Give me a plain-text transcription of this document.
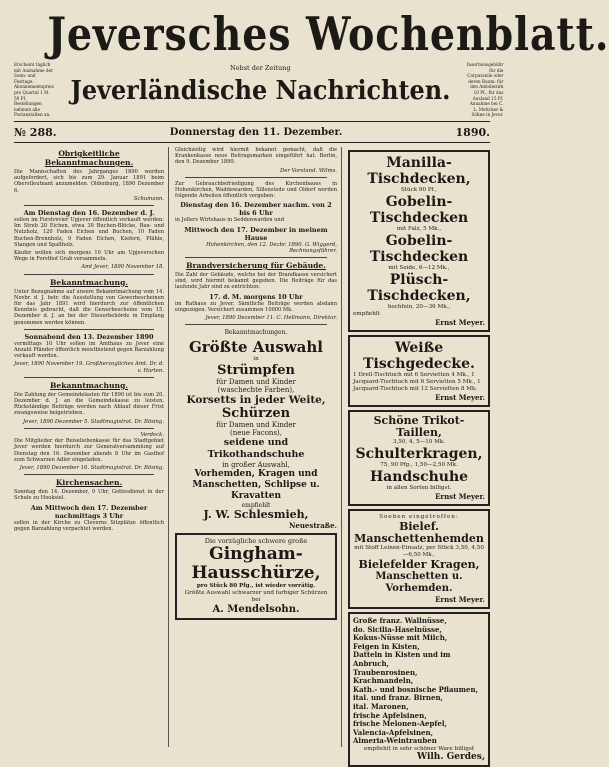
Jeversches Wochenblatt.
Erscheint täglich mit Ausnahme der Sonn- und Festtage. Abonnementspreis pro Quartal 1 M. 50 Pf. Bestellungen nehmen alle Postanstalten an.
Nebst der Zeitung
Jeverländische Nachrichten.
Insertionsgebühr für die Corpuszeile oder deren Raum: für den Amtsbezirk 10 Pf., für das Ausland 15 Pf. Annahme bei C. L. Mettcker & Söhne in Jever.
№ 288.	Donnerstag den 11. Dezember.	1890.
Obrigkeitliche Bekanntmachungen.
Die Mannschaften des Jahrganges 1890 werden aufgefordert, sich bis zum 29. Januar 1891 beim Oberstleutnant anzumelden. Oldenburg, 1890 Dezember 6.
Schumann.
Am Dienstag den 16. Dezember d. J.
sollen im Forstrevier Upjever öffentlich verkauft werden: Im Streb 20 Eichen, etwa 30 Buchen-Blöcke, Bau- und Nutzholz, 120 Faden Eichen und Buchen, 10 Faden Buchen-Brennholz, 9 Faden Eichen, Kiefern, Pfähle, Stangen und Spaltholz.
Käufer wollen sich morgens 10 Uhr am Upjeverschen Wege in Forsthof Grab versammeln.
Amt Jever, 1890 November 18.
Bekanntmachung.
Unter Bezugnahme auf unsere Bekanntmachung vom 14. Novbr. d. J. betr. die Ausstellung von Gewerbescheinen für das Jahr 1891 wird hierdurch zur öffentlichen Kenntnis gebracht, daß die Gewerbescheine vom 15. Dezember d. J. an bei der Steuerbehörde in Empfang genommen werden können.
Sonnabend den 13. Dezember 1890
vormittags 10 Uhr sollen im Amthaus zu Jever eine Anzahl Pfänder öffentlich meistbietend gegen Barzahlung verkauft werden.
Jever, 1890 November 19. Großherzogliches Amt. Dr. d. v. Harten.
Bekanntmachung.
Die Zahlung der Gemeindelasten für 1890 ist bis zum 20. Dezember d. J. an die Gemeindekasse zu leisten. Rückständige Beiträge werden nach Ablauf dieser Frist zwangsweise beigetrieben.
Jever, 1890 Dezember 5. Stadtmagistrat. Dr. Bösing.
Verdeck.
Die Mitglieder der Reiseliebenkasse für das Stadtgebiet Jever werden hierdurch zur Generalversammlung auf Dienstag den 16. Dezember abends 8 Uhr im Gasthof zum Schwarzen Adler eingeladen.
Jever, 1890 Dezember 16. Stadtmagistrat. Dr. Bösing.
Kirchensachen.
Sonntag den 14. Dezember, 9 Uhr, Gottesdienst in der Schule zu Hooksiel.
Am Mittwoch den 17. Dezember nachmittags 3 Uhr
sollen in der Kirche zu Cleverns Sitzplätze öffentlich gegen Barzahlung verpachtet werden.
Gleichzeitig wird hiermit bekannt gemacht, daß die Krankenkasse neue Beitragsmarken eingeführt hat. Berlin, den 9. Dezember 1890.
Der Vorstand. Wilms.
Zur Gebrauchbefriedigung des Kirchenbaues in Hohenkirchen, Waddewarden, Sillenstede und Oldorf werden folgende Arbeiten öffentlich vergeben:
Dienstag den 16. Dezember nachm. von 2 bis 6 Uhr
in Jollers Wirtshaus in Seddenwarden und
Mittwoch den 17. Dezember in meinem Hause
Hohenkirchen, den 12. Dezbr. 1890. G. Wiggerd, Rechnungsführer.
Brandversicherung für Gebäude.
Die Zahl der Gebäude, welche bei der Brandkasse versichert sind, wird hiermit bekannt gegeben. Die Beiträge für das laufende Jahr sind zu entrichten:
17. d. M. morgens 10 Uhr
im Rathaus zu Jever. Sämtliche Beiträge werden alsdann eingezogen. Versichert zusammen 10000 Mk.
Jever, 1890 Dezember 11. C. Hellmann, Direktor.
Bekanntmachungen.
Größte Auswahl
in
Strümpfen
für Damen und Kinder
(waschechte Farben),
Korsetts in jeder Weite,
Schürzen
für Damen und Kinder
(neue Facons),
seidene und Trikothandschuhe
in großer Auswahl,
Vorhemden, Kragen und Manschetten, Schlipse u. Kravatten
empfiehlt
J. W. Schlesmieh,
Neuestraße.
Die vorzügliche schwere große
Gingham-
Hausschürze,
pro Stück 80 Pfg., ist wieder vorrätig.
Größte Auswahl schwarzer und farbiger Schürzen bei
A. Mendelsohn.
Manilla-Tischdecken,
Stück 90 Pf.,
Gobelin-Tischdecken
mit Falz, 5 Mk.,
Gobelin-Tischdecken
mit Seide, 6—12 Mk.,
Plüsch-Tischdecken,
hochfein, 20—36 Mk.,
empfiehlt
Ernst Meyer.
Weiße Tischgedecke.
1 Drell-Tischtuch mit 6 Servietten 4 Mk., 1 Jacquard-Tischtuch mit 6 Servietten 5 Mk., 1 Jacquard-Tischtuch mit 12 Servietten 8 Mk.
Ernst Meyer.
Schöne Trikot-Taillen,
3,50, 4, 5—10 Mk.
Schulterkragen,
75, 90 Pfg., 1,50—2,50 Mk.
Handschuhe
in allen Sorten billigst.
Ernst Meyer.
Soeben eingetroffen:
Bielef. Manschettenhemden
mit Stoff Leinen-Einsatz, per Stück 3,50, 4,50—6,50 Mk.,
Bielefelder Kragen,
Manschetten u. Vorhemden.
Ernst Meyer.
Große franz. Wallnüsse,
do. Sicilia-Haselnüsse,
Kokus-Nüsse mit Milch,
Feigen in Kisten,
Datteln in Kisten und im Anbruch,
Traubenrosinen,
Krachmandeln,
Kath.- und bosnische Pflaumen,
ital. und franz. Birnen,
ital. Maronen,
frische Apfelsinen,
frische Melonen-Aepfel,
Valencia-Apfelsinen,
Almeria-Weintrauben
empfiehlt in sehr schöner Ware billigst
Wilh. Gerdes,
